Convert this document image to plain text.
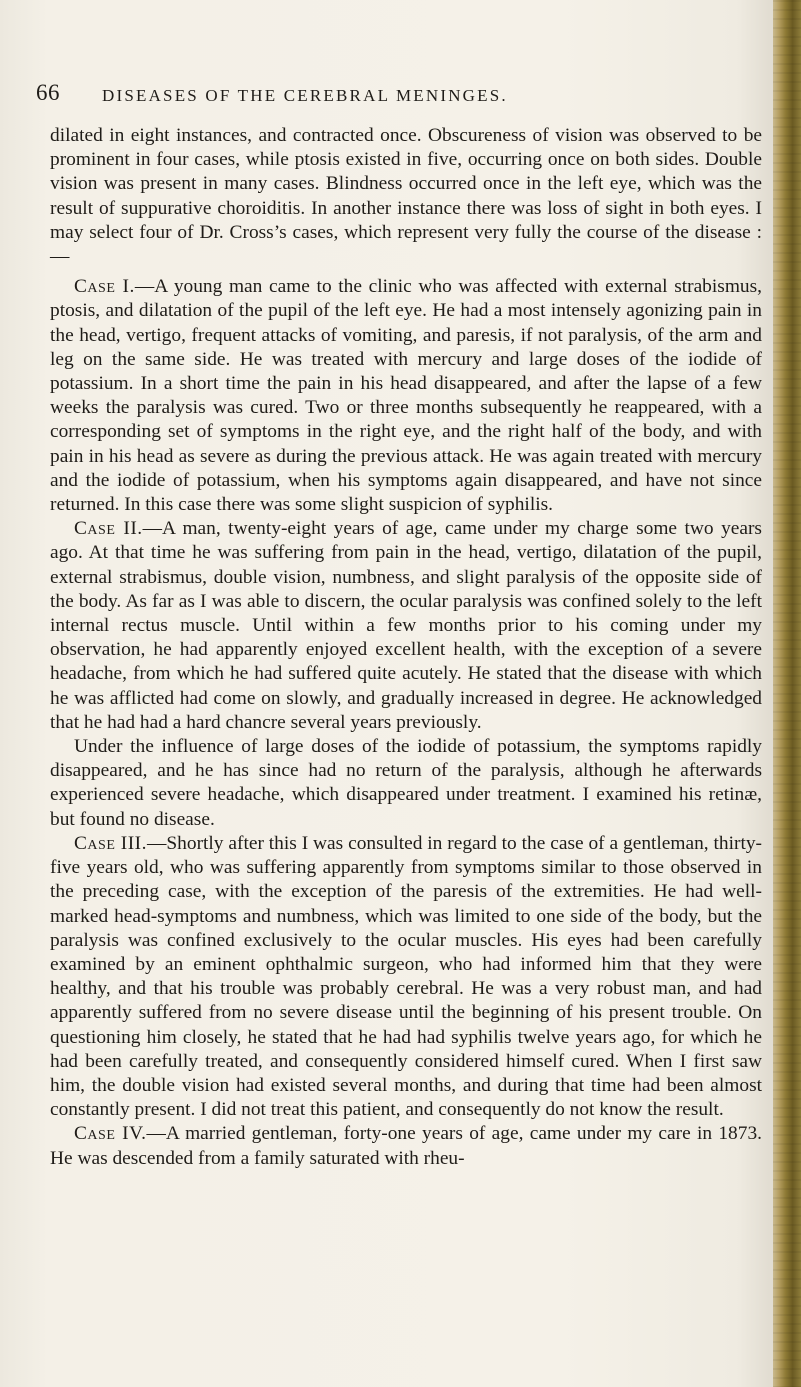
66 DISEASES OF THE CEREBRAL MENINGES.

dilated in eight instances, and contracted once. Obscureness of vision was observed to be prominent in four cases, while ptosis existed in five, occurring once on both sides. Double vision was present in many cases. Blindness occurred once in the left eye, which was the result of suppurative choroiditis. In another instance there was loss of sight in both eyes. I may select four of Dr. Cross’s cases, which represent very fully the course of the disease :—

Case I.—A young man came to the clinic who was affected with external strabismus, ptosis, and dilatation of the pupil of the left eye. He had a most intensely agonizing pain in the head, vertigo, frequent attacks of vomiting, and paresis, if not paralysis, of the arm and leg on the same side. He was treated with mercury and large doses of the iodide of potassium. In a short time the pain in his head disappeared, and after the lapse of a few weeks the paralysis was cured. Two or three months subsequently he reappeared, with a corresponding set of symptoms in the right eye, and the right half of the body, and with pain in his head as severe as during the previous attack. He was again treated with mercury and the iodide of potassium, when his symptoms again disappeared, and have not since returned. In this case there was some slight suspicion of syphilis.

Case II.—A man, twenty-eight years of age, came under my charge some two years ago. At that time he was suffering from pain in the head, vertigo, dilatation of the pupil, external strabismus, double vision, numbness, and slight paralysis of the opposite side of the body. As far as I was able to discern, the ocular paralysis was confined solely to the left internal rectus muscle. Until within a few months prior to his coming under my observation, he had apparently enjoyed excellent health, with the exception of a severe headache, from which he had suffered quite acutely. He stated that the disease with which he was afflicted had come on slowly, and gradually increased in degree. He acknowledged that he had had a hard chancre several years previously.

Under the influence of large doses of the iodide of potassium, the symptoms rapidly disappeared, and he has since had no return of the paralysis, although he afterwards experienced severe headache, which disappeared under treatment. I examined his retinæ, but found no disease.

Case III.—Shortly after this I was consulted in regard to the case of a gentleman, thirty-five years old, who was suffering apparently from symptoms similar to those observed in the preceding case, with the exception of the paresis of the extremities. He had well-marked head-symptoms and numbness, which was limited to one side of the body, but the paralysis was confined exclusively to the ocular muscles. His eyes had been carefully examined by an eminent ophthalmic surgeon, who had informed him that they were healthy, and that his trouble was probably cerebral. He was a very robust man, and had apparently suffered from no severe disease until the beginning of his present trouble. On questioning him closely, he stated that he had had syphilis twelve years ago, for which he had been carefully treated, and consequently considered himself cured. When I first saw him, the double vision had existed several months, and during that time had been almost constantly present. I did not treat this patient, and consequently do not know the result.

Case IV.—A married gentleman, forty-one years of age, came under my care in 1873. He was descended from a family saturated with rheu-
